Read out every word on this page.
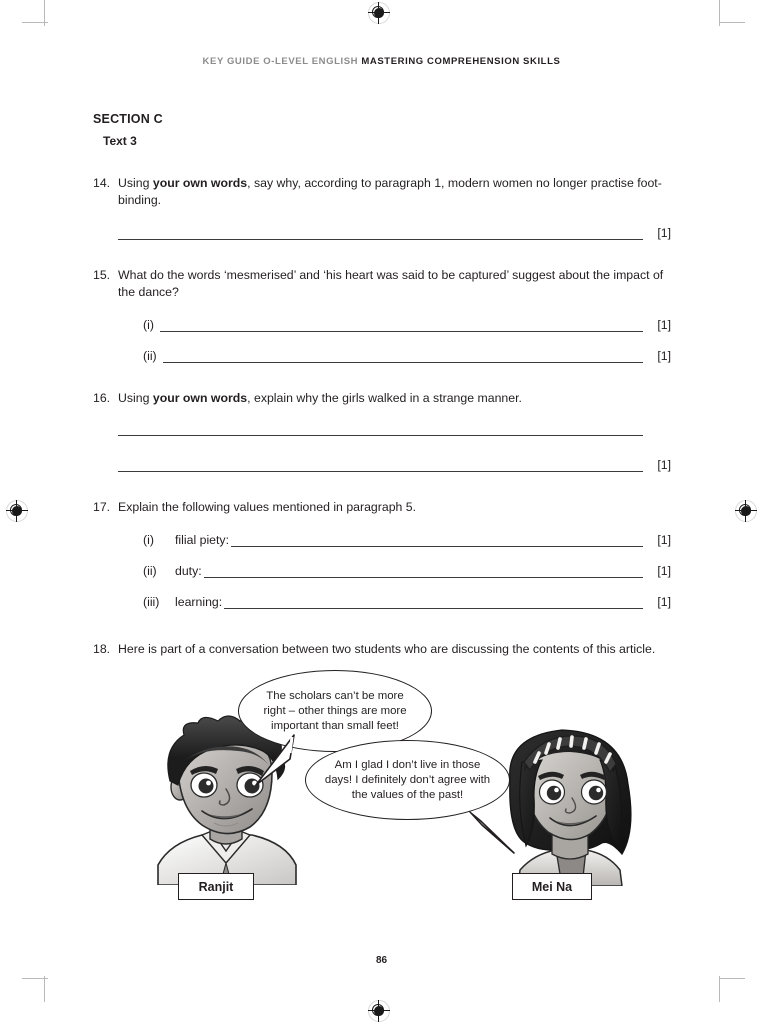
KEY GUIDE O-LEVEL ENGLISH MASTERING COMPREHENSION SKILLS
SECTION C
Text 3
14. Using your own words, say why, according to paragraph 1, modern women no longer practise foot-binding.
[1]
15. What do the words ‘mesmerised’ and ‘his heart was said to be captured’ suggest about the impact of the dance?
(i)	[1]
(ii)	[1]
16. Using your own words, explain why the girls walked in a strange manner.
[1]
17. Explain the following values mentioned in paragraph 5.
(i)	filial piety:	[1]
(ii)	duty:	[1]
(iii)	learning:	[1]
18. Here is part of a conversation between two students who are discussing the contents of this article.

The scholars can’t be more right – other things are more important than small feet!

Am I glad I don’t live in those days! I definitely don’t agree with the values of the past!

Ranjit	Mei Na
86
